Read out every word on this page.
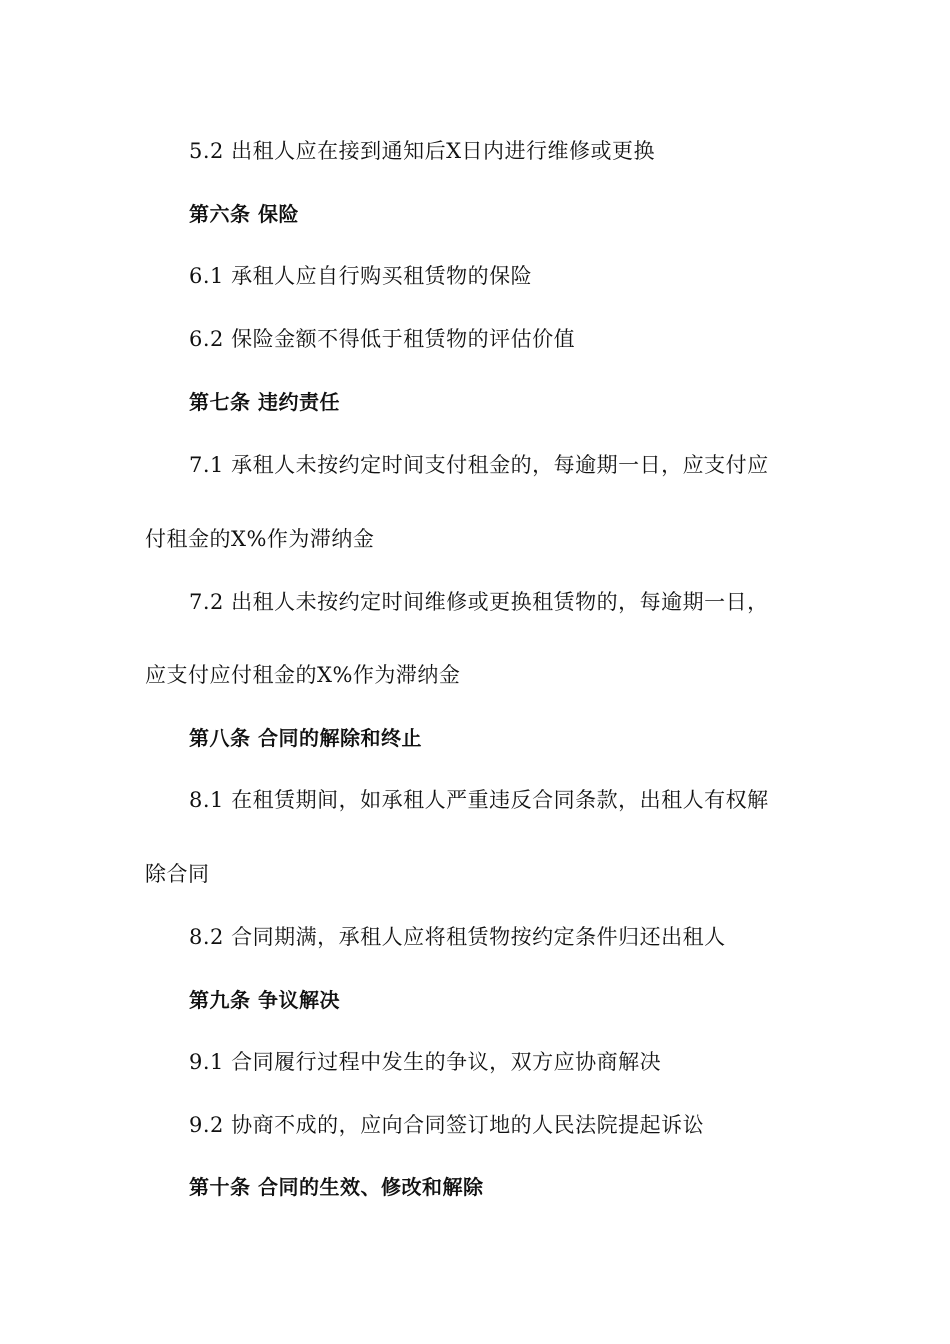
5.2 出租人应在接到通知后X日内进行维修或更换
第六条 保险
6.1 承租人应自行购买租赁物的保险
6.2 保险金额不得低于租赁物的评估价值
第七条 违约责任
7.1 承租人未按约定时间支付租金的，每逾期一日，应支付应
付租金的X%作为滞纳金
7.2 出租人未按约定时间维修或更换租赁物的，每逾期一日，
应支付应付租金的X%作为滞纳金
第八条 合同的解除和终止
8.1 在租赁期间，如承租人严重违反合同条款，出租人有权解
除合同
8.2 合同期满，承租人应将租赁物按约定条件归还出租人
第九条 争议解决
9.1 合同履行过程中发生的争议，双方应协商解决
9.2 协商不成的，应向合同签订地的人民法院提起诉讼
第十条 合同的生效、修改和解除
